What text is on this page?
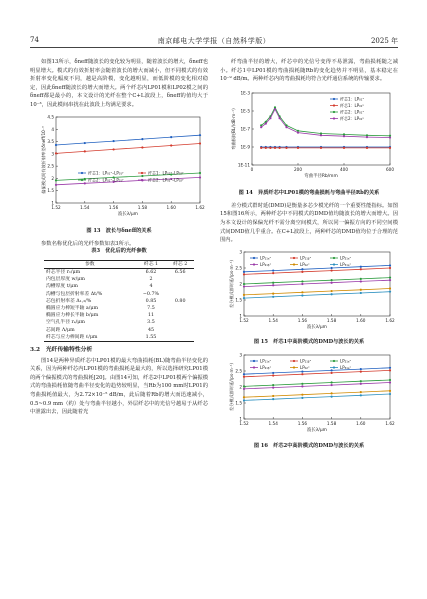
74	南京邮电大学学报（自然科学版）	2025 年

如图13所示，δneff随波长的变化较为明显，随着波长的增大，δneff也明显增大。模式的有效折射率会随着波长的增大而减小，但不同模式的有效折射率变化幅度不同，越是高阶模，变化越明显，而低阶模的变化相对稳定，因此δneff随波长的增大而增大。两个纤芯内LP01模和LP02模之间的δneff都是最小的，本文设计的光纤在整个C+L波段上，δneff的值均大于10⁻³，因此模间串扰在此波段上均满足要求。

1
1.5
2
2.5
3
3.5
4
4.5
1.52	1.54	1.56	1.58	1.60	1.62
波长λ/μm
偏振模式间有效折射率差δneff/10⁻³	纤芯1：LP₀₁ˣ–LP₀₁ʸ	纤芯1：LP₀₂ˣ–LP₀₂ʸ
纤芯2：LP₀₁ˣ–LP₀₁ʸ	纤芯2：LP₀₂ˣ–LP₀₂ʸ
图 13　波长与δneff的关系

参数名称优化后的光纤参数如表3所示。

表3　优化后的光纤参数
参数	纤芯 1	纤芯 2
纤芯半径 r₁/μm	6.62	6.56
内包层厚度 w/μm	2	
沟槽厚度 t/μm	4	
沟槽与包层折射率差 Δt/%	−0.7%	
芯包折射率差 Δ₁,₂/%	0.85	0.80
椭圆应力棒短半轴 a/μm	7.5	
椭圆应力棒长半轴 b/μm	11	
空气孔半径 rₐ/μm	3.5	
芯间距 Λ/μm	45	
纤芯与应力棒间距 ℓ/μm	1.55	
3.2　光纤传输特性分析

图14是两种异质纤芯中LP01模的最大弯曲损耗(BL)随弯曲半径变化的关系，因为两种纤芯内LP01模的弯曲损耗是最大的，所以选择研究LP01模的两个偏振模式的弯曲损耗[20]。由图14可知，纤芯2中LP01模两个偏振模式的弯曲损耗值随弯曲半径变化的趋势较明显，当Rb为100 mm时LP01的弯曲损耗值最大，为2.72×10⁻⁵ dB/m，此后随着Rb的增大而迅速减小，0.5~0.9 mm（约）处与弯曲半径越小，外层纤芯中的光信号越易于从纤芯中泄露出去，因此随着光

纤弯曲半径的增大，纤芯中的光信号变得不易泄露，弯曲损耗随之减小。纤芯1中LP01模的弯曲损耗随Rb的变化趋势并不明显，基本稳定在10⁻⁹ dB/m。两种纤芯内的弯曲损耗均符合光纤通信系统的传输要求。

1E-11
1E-9
1E-7
1E-5
1E-3
0	200	400	600
弯曲半径Rb/mm
弯曲损耗BL/(dB·m⁻¹)
纤芯1：LP₀₁ˣ
纤芯1：LP₀₁ʸ
纤芯2：LP₀₁ˣ
纤芯2：LP₀₁ʸ
图 14　异质纤芯中LP01模的弯曲损耗与弯曲半径Rb的关系

差分模式群时延(DMD)是衡量多芯少模光纤的一个重要性能指标。如图15和图16所示，两种纤芯中不同模式的DMD值均随波长的增大而增大。因为本文设计的保偏光纤不需分离空间模式，所以同一偏振方向的不同空间模式间DMD值几乎重合。在C+L波段上，两种纤芯的DMD值均位于合理的范围内。

1
1.5
2
2.5
3
1.52	1.54	1.56	1.58	1.60	1.62
波长λ/μm
差分模式群时延/(ps·m⁻¹)
LP₁₁ₐˣ	LP₁₁ᵦˣ	LP₂₁ₐˣ
LP₂₁ᵦˣ	LP₀₂ˣ	LP₃₁ₐˣ
图 15　纤芯1中高阶模式的DMD与波长的关系
1
1.5
2
2.5
3
1.52	1.54	1.56	1.58	1.60	1.62
波长λ/μm
差分模式群时延/(ps·m⁻¹)
LP₁₁ₐˣ	LP₁₁ᵦˣ	LP₂₁ₐˣ
LP₂₁ᵦˣ	LP₀₂ˣ	LP₃₁ₐˣ
图 16　纤芯2中高阶模式的DMD与波长的关系
